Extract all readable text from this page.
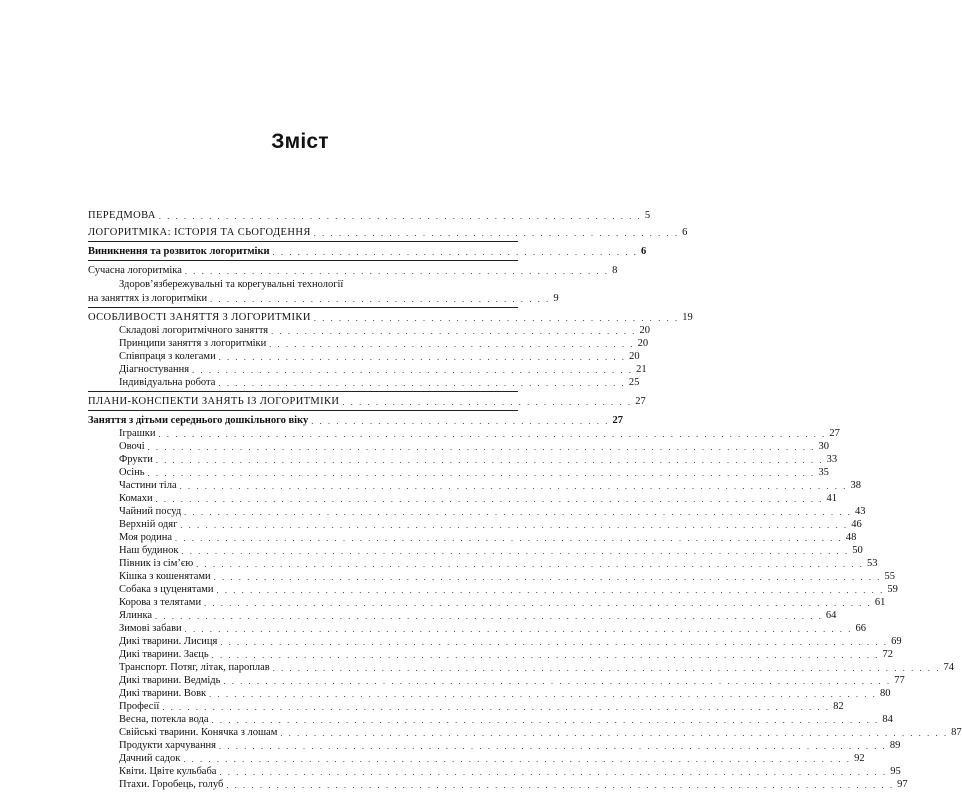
Зміст
ПЕРЕДМОВА . . . . . . . . . . . . . . . . . . . . . . . . . . . . . . . . . . . . . . . . . . . . . . . . . . . . . . . . . . 5
ЛОГОРИТМІКА: ІСТОРІЯ ТА СЬОГОДЕННЯ . . . . . . . . . . . . . . . . . . . . . . . . . . . . . . . . . . . . . . . . . . . . 6
Виникнення та розвиток логоритміки . . . . . . . . . . . . . . . . . . . . . . . . . . . . . . . . . . . . . . . . . . . . 6
Сучасна логоритміка . . . . . . . . . . . . . . . . . . . . . . . . . . . . . . . . . . . . . . . . . . . . . . . . . . . 8
Здоров’язбережувальні та корегувальні технології
на заняттях із логоритміки . . . . . . . . . . . . . . . . . . . . . . . . . . . . . . . . . . . . . . . . . 9
ОСОБЛИВОСТІ ЗАНЯТТЯ З ЛОГОРИТМІКИ . . . . . . . . . . . . . . . . . . . . . . . . . . . . . . . . . . . . . . . . . . . . 19
Складові логоритмічного заняття . . . . . . . . . . . . . . . . . . . . . . . . . . . . . . . . . . . . . . . . . . . . 20
Принципи заняття з логоритміки . . . . . . . . . . . . . . . . . . . . . . . . . . . . . . . . . . . . . . . . . . . . 20
Співпраця з колегами . . . . . . . . . . . . . . . . . . . . . . . . . . . . . . . . . . . . . . . . . . . . . . . . . 20
Діагностування . . . . . . . . . . . . . . . . . . . . . . . . . . . . . . . . . . . . . . . . . . . . . . . . . . . . . 21
Індивідуальна робота . . . . . . . . . . . . . . . . . . . . . . . . . . . . . . . . . . . . . . . . . . . . . . . . . 25
ПЛАНИ-КОНСПЕКТИ ЗАНЯТЬ ІЗ ЛОГОРИТМІКИ . . . . . . . . . . . . . . . . . . . . . . . . . . . . . . . . . . . 27
Заняття з дітьми середнього дошкільного віку . . . . . . . . . . . . . . . . . . . . . . . . . . . . . . . . . . . . 27
Іграшки . . . . . . . . . . . . . . . . . . . . . . . . . . . . . . . . . . . . . . . . . . . . . . . . . . . . . . . . . . . . . . . . . . . . . . . . . . . . . . . . 27
Овочі . . . . . . . . . . . . . . . . . . . . . . . . . . . . . . . . . . . . . . . . . . . . . . . . . . . . . . . . . . . . . . . . . . . . . . . . . . . . . . . . 30
Фрукти . . . . . . . . . . . . . . . . . . . . . . . . . . . . . . . . . . . . . . . . . . . . . . . . . . . . . . . . . . . . . . . . . . . . . . . . . . . . . . . . 33
Осінь . . . . . . . . . . . . . . . . . . . . . . . . . . . . . . . . . . . . . . . . . . . . . . . . . . . . . . . . . . . . . . . . . . . . . . . . . . . . . . . . 35
Частини тіла . . . . . . . . . . . . . . . . . . . . . . . . . . . . . . . . . . . . . . . . . . . . . . . . . . . . . . . . . . . . . . . . . . . . . . . . . . . . . . . . 38
Комахи . . . . . . . . . . . . . . . . . . . . . . . . . . . . . . . . . . . . . . . . . . . . . . . . . . . . . . . . . . . . . . . . . . . . . . . . . . . . . . . . 41
Чайний посуд . . . . . . . . . . . . . . . . . . . . . . . . . . . . . . . . . . . . . . . . . . . . . . . . . . . . . . . . . . . . . . . . . . . . . . . . . . . . . . . . 43
Верхній одяг . . . . . . . . . . . . . . . . . . . . . . . . . . . . . . . . . . . . . . . . . . . . . . . . . . . . . . . . . . . . . . . . . . . . . . . . . . . . . . . . 46
Моя родина . . . . . . . . . . . . . . . . . . . . . . . . . . . . . . . . . . . . . . . . . . . . . . . . . . . . . . . . . . . . . . . . . . . . . . . . . . . . . . . . 48
Наш будинок . . . . . . . . . . . . . . . . . . . . . . . . . . . . . . . . . . . . . . . . . . . . . . . . . . . . . . . . . . . . . . . . . . . . . . . . . . . . . . . . 50
Півник із сім’єю . . . . . . . . . . . . . . . . . . . . . . . . . . . . . . . . . . . . . . . . . . . . . . . . . . . . . . . . . . . . . . . . . . . . . . . . . . . . . . . . 53
Кішка з кошенятами . . . . . . . . . . . . . . . . . . . . . . . . . . . . . . . . . . . . . . . . . . . . . . . . . . . . . . . . . . . . . . . . . . . . . . . . . . . . . . . . 55
Собака з цуценятами . . . . . . . . . . . . . . . . . . . . . . . . . . . . . . . . . . . . . . . . . . . . . . . . . . . . . . . . . . . . . . . . . . . . . . . . . . . . . . . . 59
Корова з телятами . . . . . . . . . . . . . . . . . . . . . . . . . . . . . . . . . . . . . . . . . . . . . . . . . . . . . . . . . . . . . . . . . . . . . . . . . . . . . . . . 61
Ялинка . . . . . . . . . . . . . . . . . . . . . . . . . . . . . . . . . . . . . . . . . . . . . . . . . . . . . . . . . . . . . . . . . . . . . . . . . . . . . . . . 64
Зимові забави . . . . . . . . . . . . . . . . . . . . . . . . . . . . . . . . . . . . . . . . . . . . . . . . . . . . . . . . . . . . . . . . . . . . . . . . . . . . . . . . 66
Дикі тварини. Лисиця . . . . . . . . . . . . . . . . . . . . . . . . . . . . . . . . . . . . . . . . . . . . . . . . . . . . . . . . . . . . . . . . . . . . . . . . . . . . . . . . 69
Дикі тварини. Заєць . . . . . . . . . . . . . . . . . . . . . . . . . . . . . . . . . . . . . . . . . . . . . . . . . . . . . . . . . . . . . . . . . . . . . . . . . . . . . . . . 72
Транспорт. Потяг, літак, пароплав . . . . . . . . . . . . . . . . . . . . . . . . . . . . . . . . . . . . . . . . . . . . . . . . . . . . . . . . . . . . . . . . . . . . . . . . . . . . . . . . 74
Дикі тварини. Ведмідь . . . . . . . . . . . . . . . . . . . . . . . . . . . . . . . . . . . . . . . . . . . . . . . . . . . . . . . . . . . . . . . . . . . . . . . . . . . . . . . . 77
Дикі тварини. Вовк . . . . . . . . . . . . . . . . . . . . . . . . . . . . . . . . . . . . . . . . . . . . . . . . . . . . . . . . . . . . . . . . . . . . . . . . . . . . . . . . 80
Професії . . . . . . . . . . . . . . . . . . . . . . . . . . . . . . . . . . . . . . . . . . . . . . . . . . . . . . . . . . . . . . . . . . . . . . . . . . . . . . . . 82
Весна, потекла вода . . . . . . . . . . . . . . . . . . . . . . . . . . . . . . . . . . . . . . . . . . . . . . . . . . . . . . . . . . . . . . . . . . . . . . . . . . . . . . . . 84
Свійські тварини. Конячка з лошам . . . . . . . . . . . . . . . . . . . . . . . . . . . . . . . . . . . . . . . . . . . . . . . . . . . . . . . . . . . . . . . . . . . . . . . . . . . . . . . . 87
Продукти харчування . . . . . . . . . . . . . . . . . . . . . . . . . . . . . . . . . . . . . . . . . . . . . . . . . . . . . . . . . . . . . . . . . . . . . . . . . . . . . . . . 89
Дачний садок . . . . . . . . . . . . . . . . . . . . . . . . . . . . . . . . . . . . . . . . . . . . . . . . . . . . . . . . . . . . . . . . . . . . . . . . . . . . . . . . 92
Квіти. Цвіте кульбаба . . . . . . . . . . . . . . . . . . . . . . . . . . . . . . . . . . . . . . . . . . . . . . . . . . . . . . . . . . . . . . . . . . . . . . . . . . . . . . . . 95
Птахи. Горобець, голуб . . . . . . . . . . . . . . . . . . . . . . . . . . . . . . . . . . . . . . . . . . . . . . . . . . . . . . . . . . . . . . . . . . . . . . . . . . . . . . . . 97
